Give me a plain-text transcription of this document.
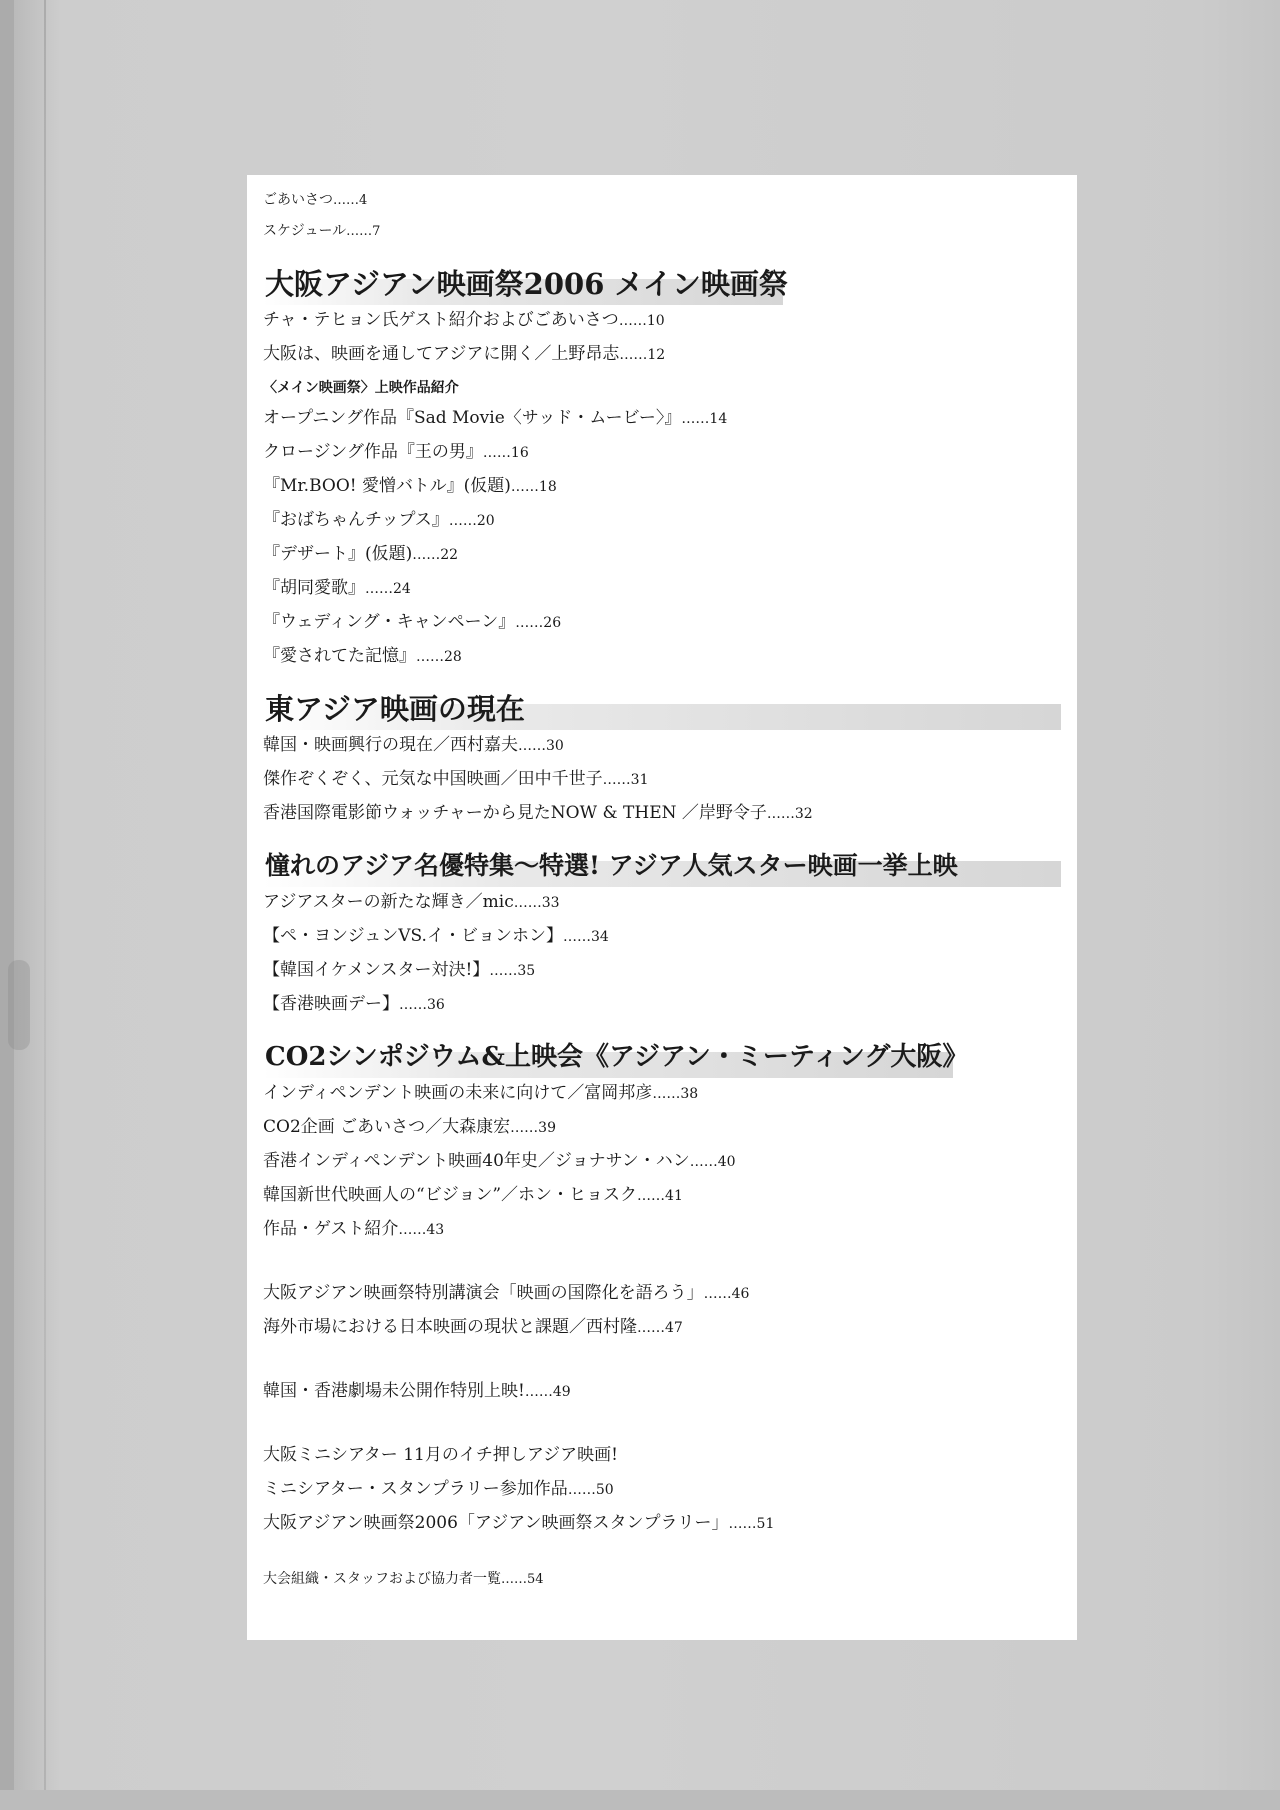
ごあいさつ……4
スケジュール……7
大阪アジアン映画祭2006 メイン映画祭
チャ・テヒョン氏ゲスト紹介およびごあいさつ……10
大阪は、映画を通してアジアに開く／上野昂志……12
〈メイン映画祭〉上映作品紹介
オープニング作品『Sad Movie〈サッド・ムービー〉』……14
クロージング作品『王の男』……16
『Mr.BOO! 愛憎バトル』(仮題)……18
『おばちゃんチップス』……20
『デザート』(仮題)……22
『胡同愛歌』……24
『ウェディング・キャンペーン』……26
『愛されてた記憶』……28
東アジア映画の現在
韓国・映画興行の現在／西村嘉夫……30
傑作ぞくぞく、元気な中国映画／田中千世子……31
香港国際電影節ウォッチャーから見たNOW & THEN ／岸野令子……32
憧れのアジア名優特集～特選! アジア人気スター映画一挙上映
アジアスターの新たな輝き／mic……33
【ペ・ヨンジュンVS.イ・ビョンホン】……34
【韓国イケメンスター対決!】……35
【香港映画デー】……36
CO2シンポジウム&上映会《アジアン・ミーティング大阪》
インディペンデント映画の未来に向けて／富岡邦彦……38
CO2企画 ごあいさつ／大森康宏……39
香港インディペンデント映画40年史／ジョナサン・ハン……40
韓国新世代映画人の“ビジョン”／ホン・ヒョスク……41
作品・ゲスト紹介……43
大阪アジアン映画祭特別講演会「映画の国際化を語ろう」……46
海外市場における日本映画の現状と課題／西村隆……47
韓国・香港劇場未公開作特別上映!……49
大阪ミニシアター 11月のイチ押しアジア映画!
ミニシアター・スタンプラリー参加作品……50
大阪アジアン映画祭2006「アジアン映画祭スタンプラリー」……51
大会組織・スタッフおよび協力者一覧……54
